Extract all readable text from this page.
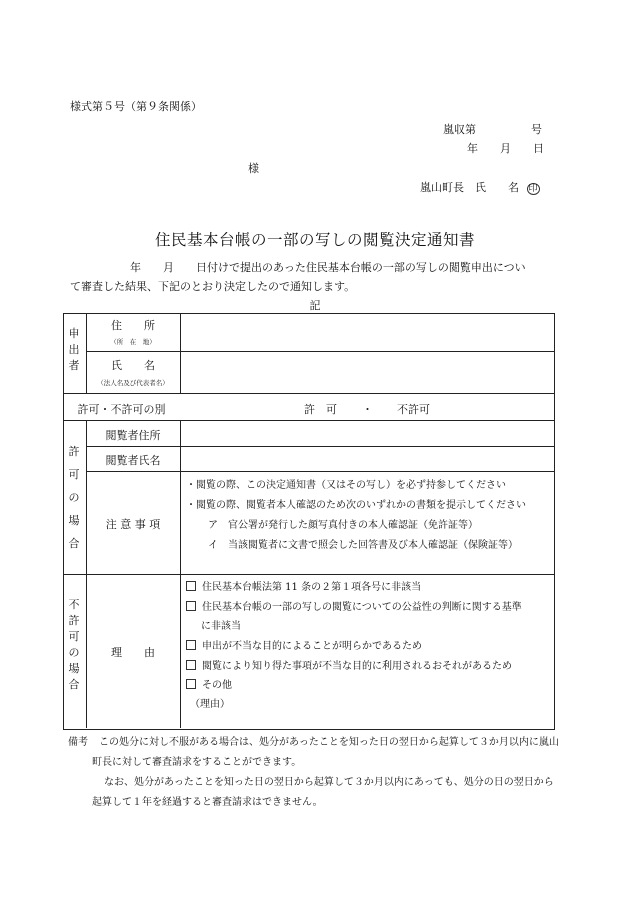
様式第５号（第９条関係）
嵐収第　　　　　号
年　　月　　日
様
嵐山町長　氏　　名 印
住民基本台帳の一部の写しの閲覧決定通知書
年　　月　　日付けで提出のあった住民基本台帳の一部の写しの閲覧申出につい
て審査した結果、下記のとおり決定したので通知します。
記
申
出
者
住　　所
（所　在　地）
氏　　名
（法人名及び代表者名）
許可・不許可の別	許　可 ・ 不許可
許
可
の
場
合
閲覧者住所
閲覧者氏名
注 意 事 項
・閲覧の際、この決定通知書（又はその写し）を必ず持参してください
・閲覧の際、閲覧者本人確認のため次のいずれかの書類を提示してください
ア　官公署が発行した顔写真付きの本人確認証（免許証等）
イ　当該閲覧者に文書で照会した回答書及び本人確認証（保険証等）
不
許
可
の
場
合
理　　由
住民基本台帳法第 11 条の２第１項各号に非該当
住民基本台帳の一部の写しの閲覧についての公益性の判断に関する基準
に非該当
申出が不当な目的によることが明らかであるため
閲覧により知り得た事項が不当な目的に利用されるおそれがあるため
その他
（理由）
備考 この処分に対し不服がある場合は、処分があったことを知った日の翌日から起算して３か月以内に嵐山
町長に対して審査請求をすることができます。
なお、処分があったことを知った日の翌日から起算して３か月以内にあっても、処分の日の翌日から
起算して１年を経過すると審査請求はできません。
